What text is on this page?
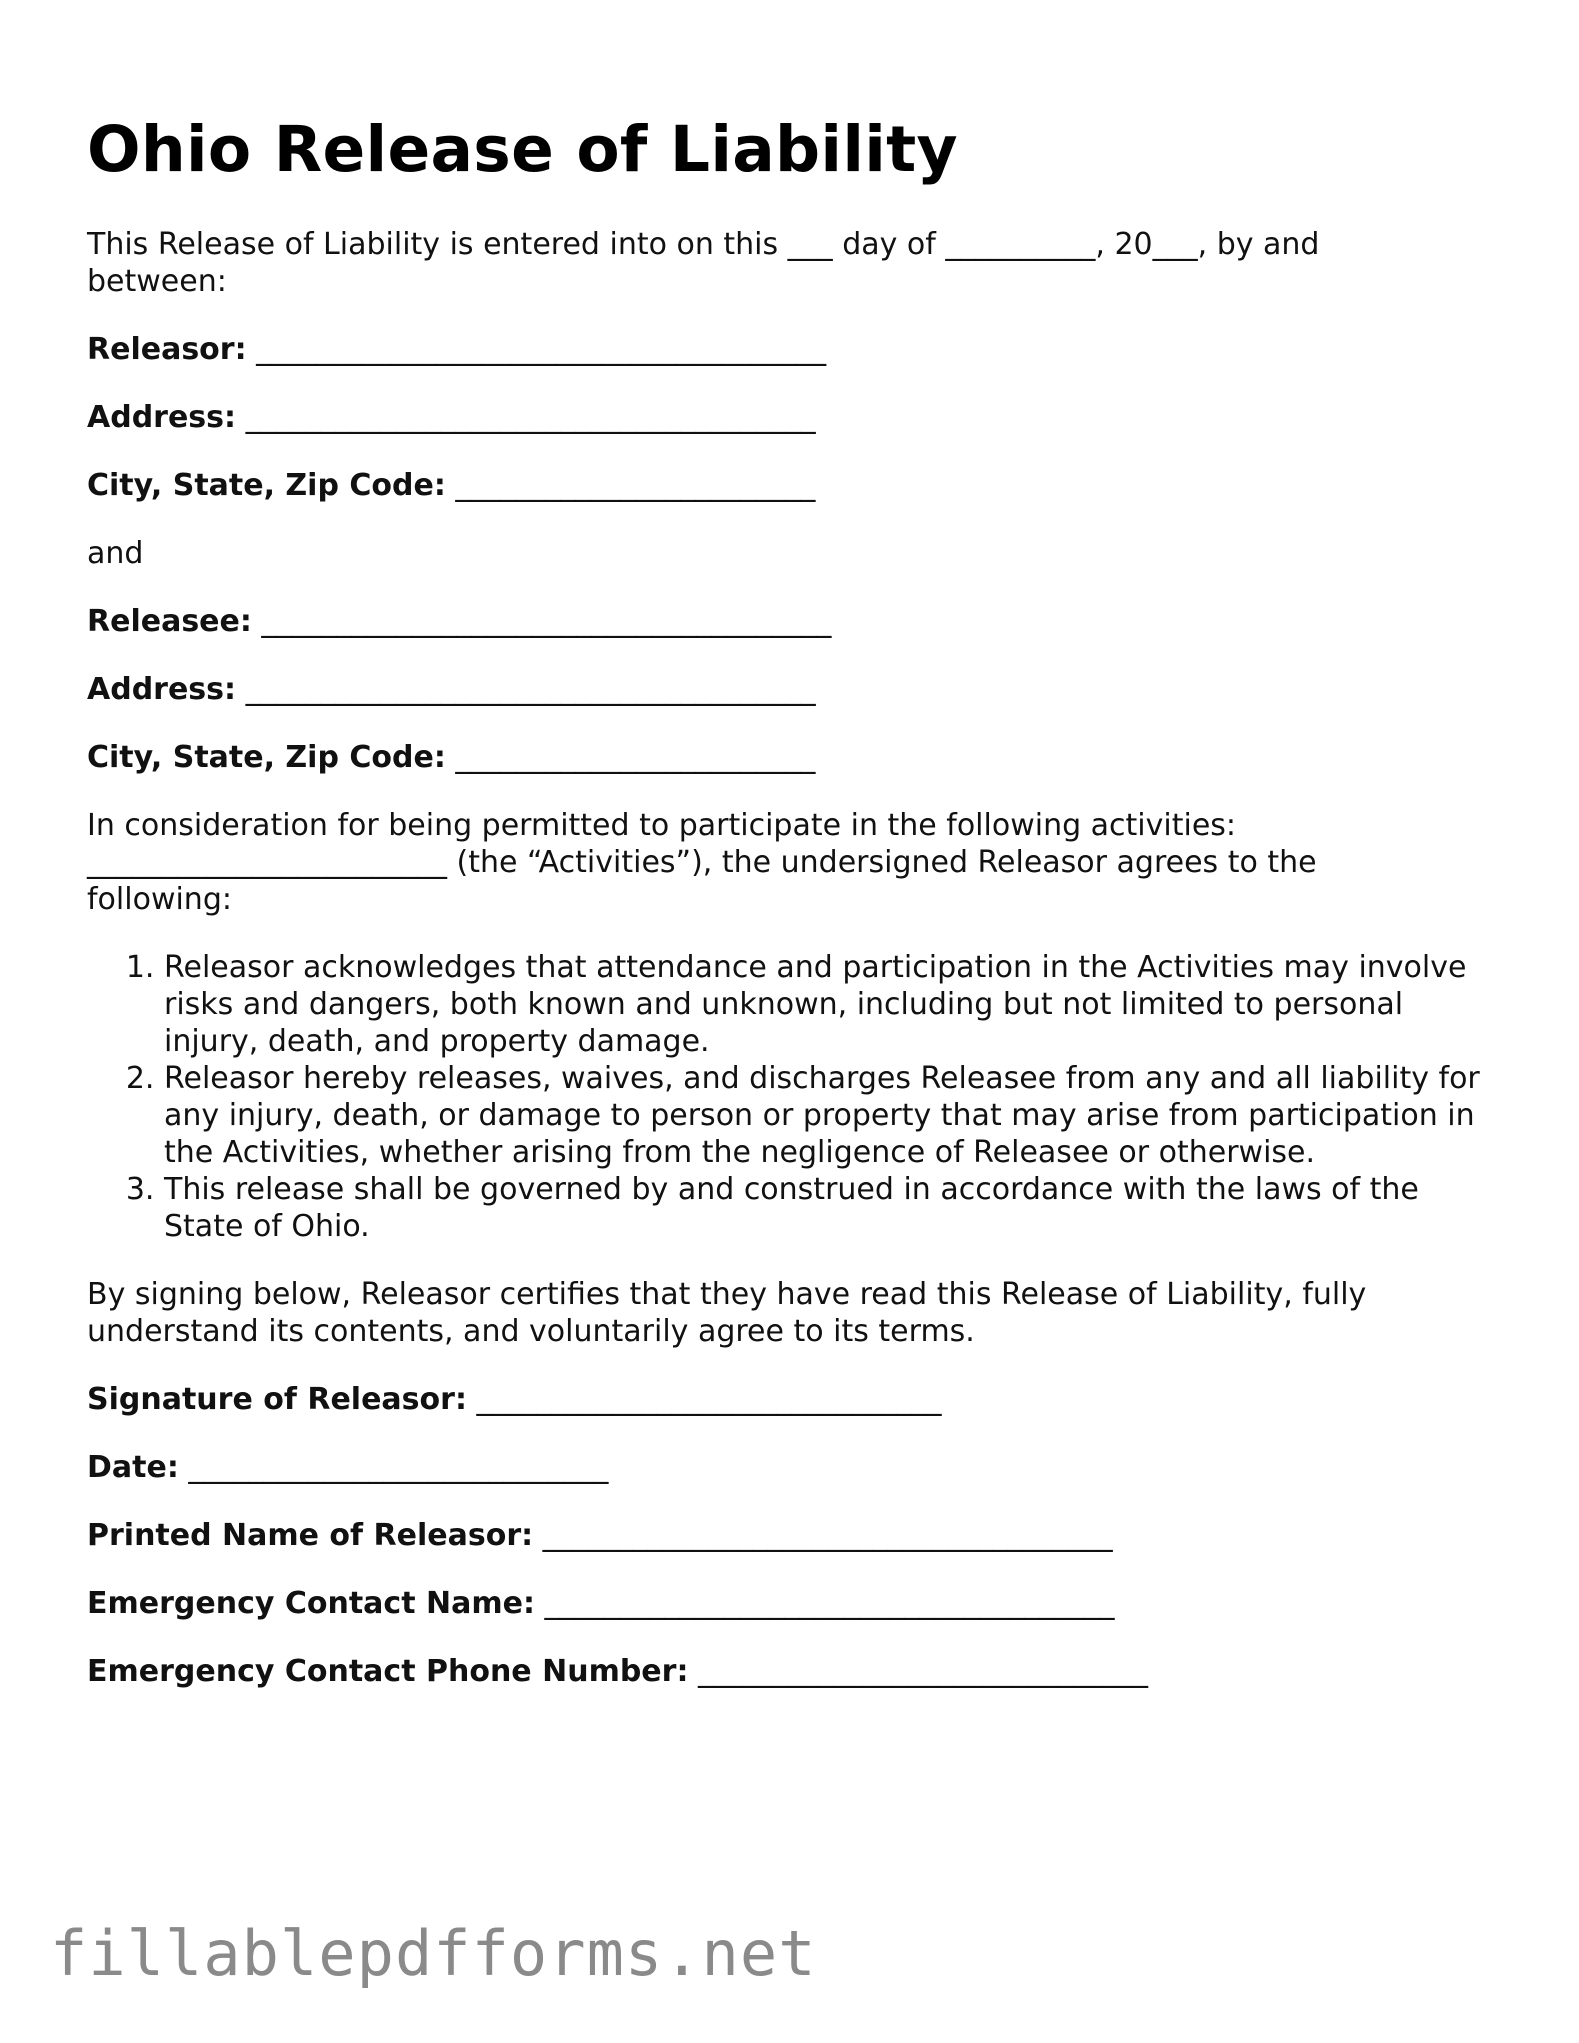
Ohio Release of Liability

This Release of Liability is entered into on this ___ day of __________, 20___, by and between:

Releasor: ______________________________________

Address: ______________________________________

City, State, Zip Code: ________________________

and

Releasee: ______________________________________

Address: ______________________________________

City, State, Zip Code: ________________________

In consideration for being permitted to participate in the following activities: ________________________ (the “Activities”), the undersigned Releasor agrees to the following:

1. Releasor acknowledges that attendance and participation in the Activities may involve risks and dangers, both known and unknown, including but not limited to personal injury, death, and property damage.
2. Releasor hereby releases, waives, and discharges Releasee from any and all liability for any injury, death, or damage to person or property that may arise from participation in the Activities, whether arising from the negligence of Releasee or otherwise.
3. This release shall be governed by and construed in accordance with the laws of the State of Ohio.

By signing below, Releasor certifies that they have read this Release of Liability, fully understand its contents, and voluntarily agree to its terms.

Signature of Releasor: _______________________________

Date: ____________________________

Printed Name of Releasor: ______________________________________

Emergency Contact Name: ______________________________________

Emergency Contact Phone Number: ______________________________

fillablepdfforms.net
